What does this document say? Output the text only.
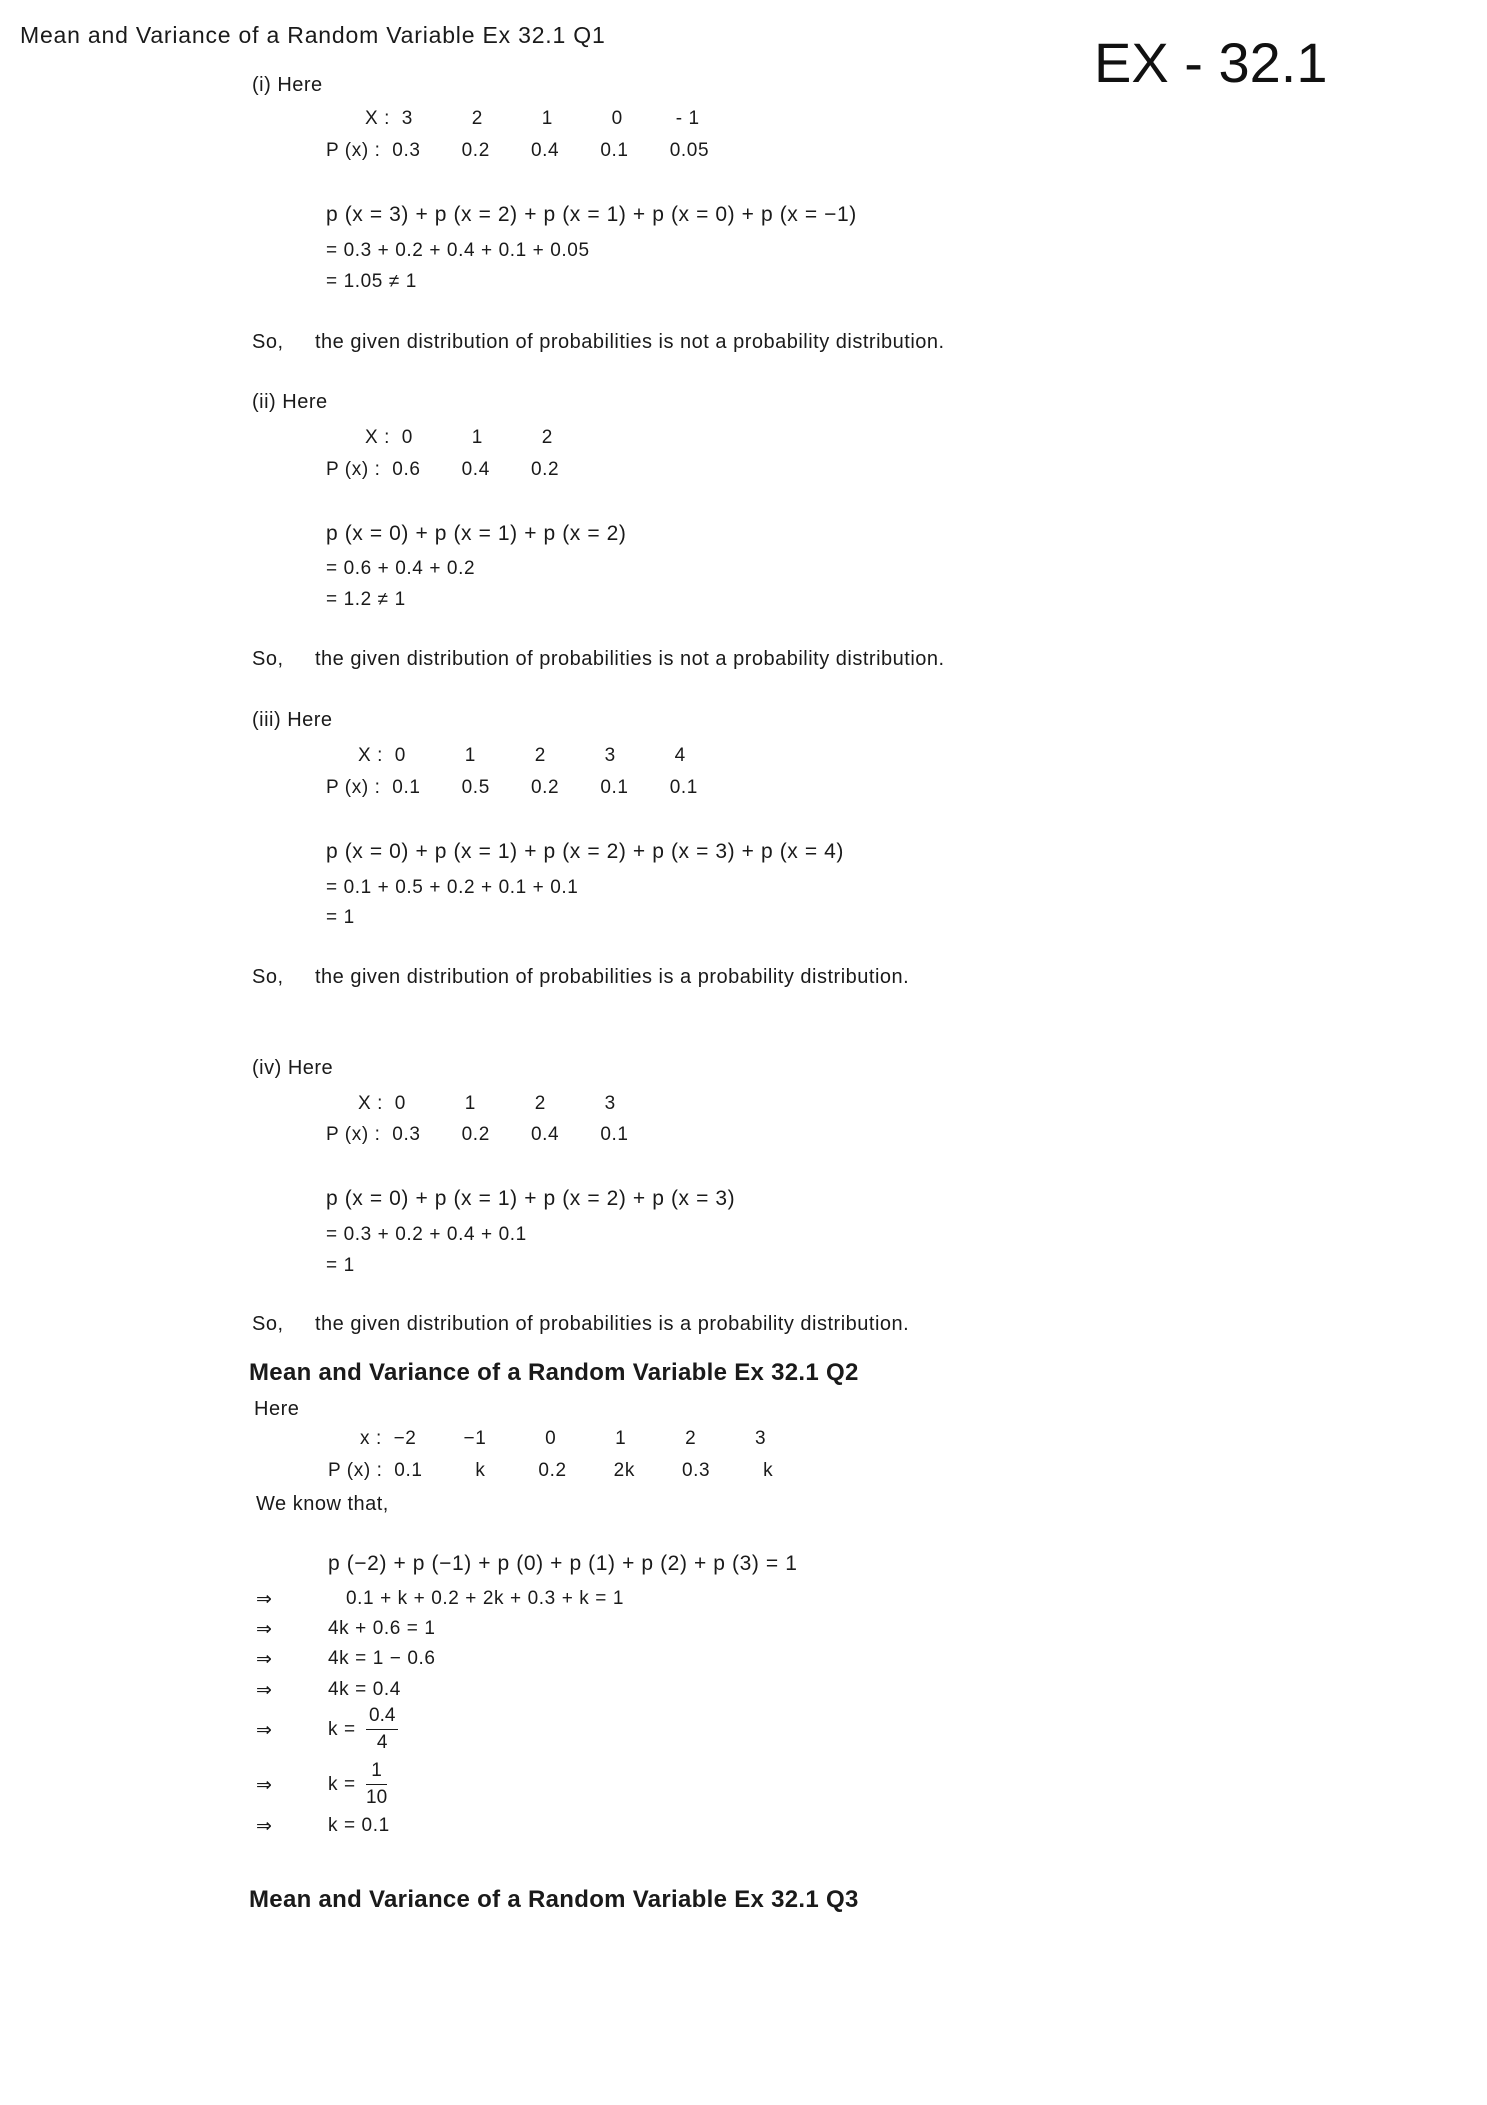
Mean and Variance of a Random Variable Ex 32.1 Q1	EX - 32.1
(i) Here
X :  3          2          1          0         - 1
P (x) :  0.3       0.2       0.4       0.1       0.05
p (x = 3) + p (x = 2) + p (x = 1) + p (x = 0) + p (x = −1)
= 0.3 + 0.2 + 0.4 + 0.1 + 0.05
= 1.05 ≠ 1
So, the given distribution of probabilities is not a probability distribution.
(ii) Here
X :  0          1          2
P (x) :  0.6       0.4       0.2
p (x = 0) + p (x = 1) + p (x = 2)
= 0.6 + 0.4 + 0.2
= 1.2 ≠ 1
So, the given distribution of probabilities is not a probability distribution.
(iii) Here
X :  0          1          2          3          4
P (x) :  0.1       0.5       0.2       0.1       0.1
p (x = 0) + p (x = 1) + p (x = 2) + p (x = 3) + p (x = 4)
= 0.1 + 0.5 + 0.2 + 0.1 + 0.1
= 1
So, the given distribution of probabilities is a probability distribution.
(iv) Here
X :  0          1          2          3
P (x) :  0.3       0.2       0.4       0.1
p (x = 0) + p (x = 1) + p (x = 2) + p (x = 3)
= 0.3 + 0.2 + 0.4 + 0.1
= 1
So, the given distribution of probabilities is a probability distribution.
Mean and Variance of a Random Variable Ex 32.1 Q2
Here
x :  −2        −1          0          1          2          3
P (x) :  0.1         k         0.2        2k        0.3         k
We know that,
p (−2) + p (−1) + p (0) + p (1) + p (2) + p (3) = 1
⇒	0.1 + k + 0.2 + 2k + 0.3 + k = 1
⇒	4k + 0.6 = 1
⇒	4k = 1 − 0.6
⇒	4k = 0.4
⇒	$k = \frac{0.4}{4}$
⇒	$k = \frac{1}{10}$
⇒	k = 0.1
Mean and Variance of a Random Variable Ex 32.1 Q3
